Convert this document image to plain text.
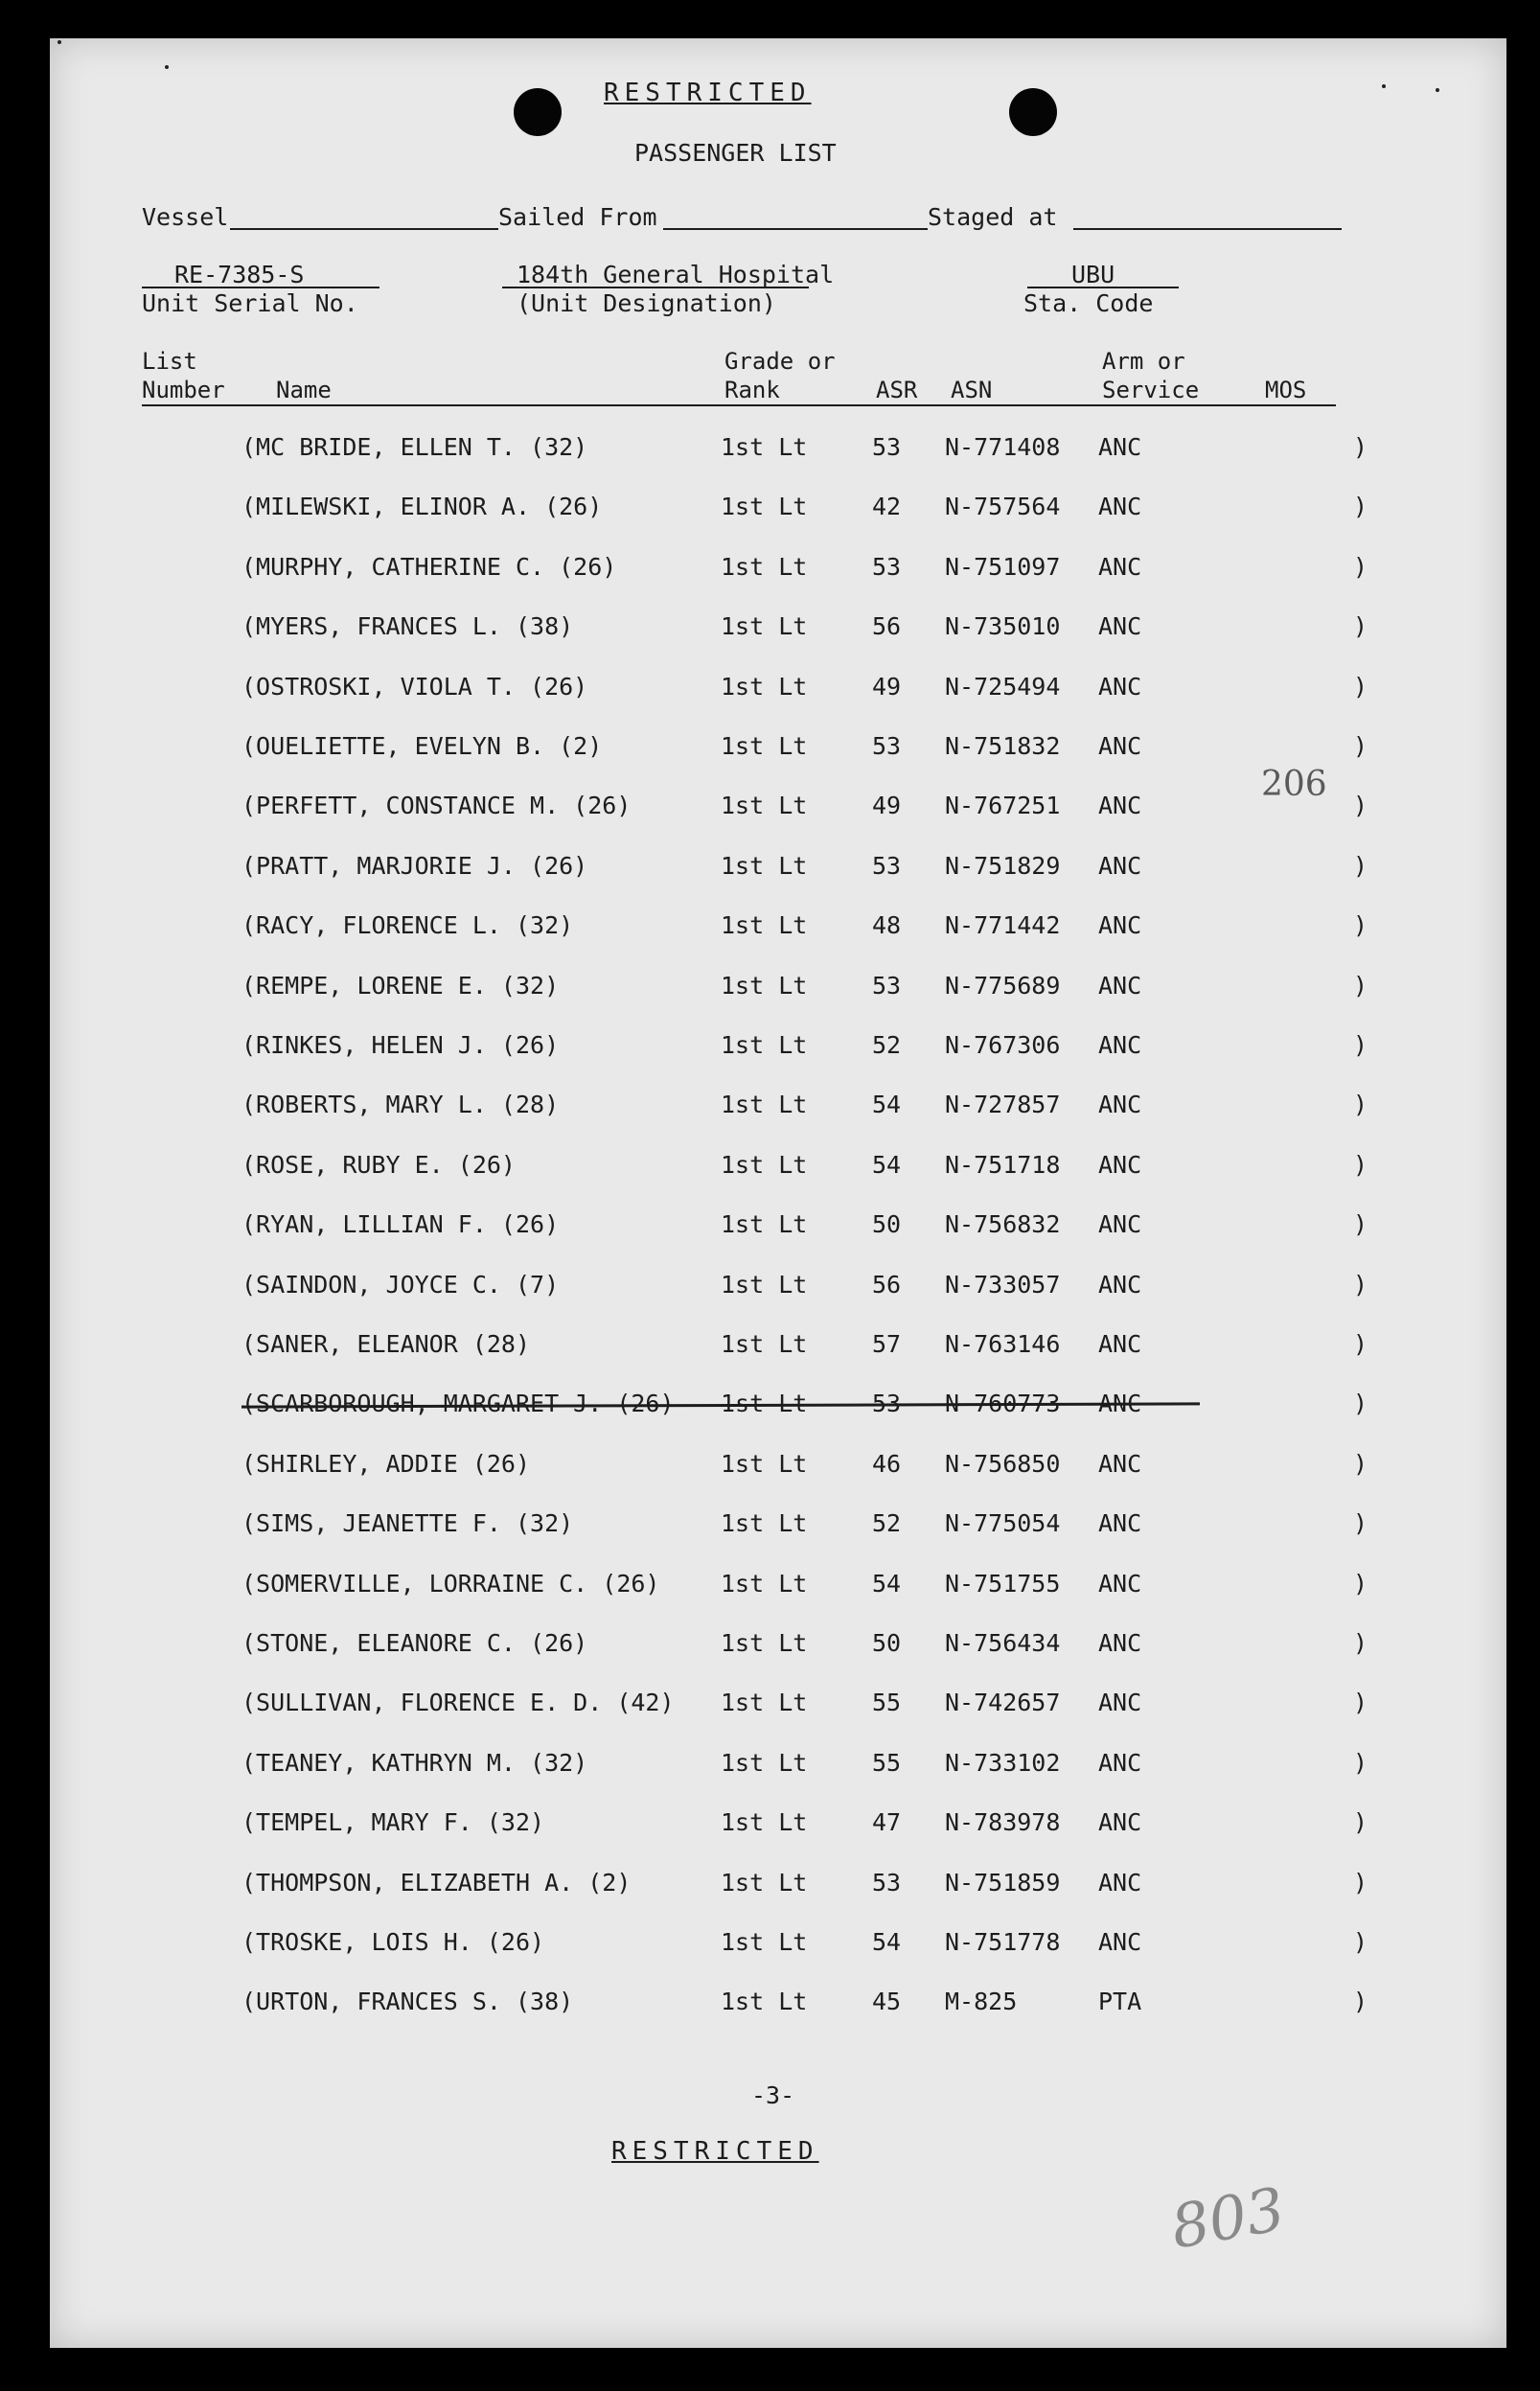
RESTRICTED
PASSENGER LIST
Vessel	Sailed From	Staged at
RE-7385-S
Unit Serial No.
184th General Hospital
(Unit Designation)
UBU
Sta. Code
List
Number Name
Grade or
Rank	ASR ASN
Arm or
Service	MOS
(MC BRIDE, ELLEN T. (32)	1st Lt	53 N-771408 ANC	)
(MILEWSKI, ELINOR A. (26)	1st Lt	42 N-757564 ANC	)
(MURPHY, CATHERINE C. (26)	1st Lt	53 N-751097 ANC	)
(MYERS, FRANCES L. (38)	1st Lt	56 N-735010 ANC	)
(OSTROSKI, VIOLA T. (26)	1st Lt	49 N-725494 ANC	)
(OUELIETTE, EVELYN B. (2)	1st Lt	53 N-751832 ANC	)
(PERFETT, CONSTANCE M. (26)	1st Lt	49 N-767251 ANC	)
(PRATT, MARJORIE J. (26)	1st Lt	53 N-751829 ANC	)
(RACY, FLORENCE L. (32)	1st Lt	48 N-771442 ANC	)
(REMPE, LORENE E. (32)	1st Lt	53 N-775689 ANC	)
(RINKES, HELEN J. (26)	1st Lt	52 N-767306 ANC	)
(ROBERTS, MARY L. (28)	1st Lt	54 N-727857 ANC	)
(ROSE, RUBY E. (26)	1st Lt	54 N-751718 ANC	)
(RYAN, LILLIAN F. (26)	1st Lt	50 N-756832 ANC	)
(SAINDON, JOYCE C. (7)	1st Lt	56 N-733057 ANC	)
(SANER, ELEANOR (28)	1st Lt	57 N-763146 ANC	)
(SCARBOROUGH, MARGARET J. (26) 1st Lt	53 N-760773 ANC	)
(SHIRLEY, ADDIE (26)	1st Lt	46 N-756850 ANC	)
(SIMS, JEANETTE F. (32)	1st Lt	52 N-775054 ANC	)
(SOMERVILLE, LORRAINE C. (26)	1st Lt	54 N-751755 ANC	)
(STONE, ELEANORE C. (26)	1st Lt	50 N-756434 ANC	)
(SULLIVAN, FLORENCE E. D. (42) 1st Lt	55 N-742657 ANC	)
(TEANEY, KATHRYN M. (32)	1st Lt	55 N-733102 ANC	)
(TEMPEL, MARY F. (32)	1st Lt	47 N-783978 ANC	)
(THOMPSON, ELIZABETH A. (2)	1st Lt	53 N-751859 ANC	)
(TROSKE, LOIS H. (26)	1st Lt	54 N-751778 ANC	)
(URTON, FRANCES S. (38)	1st Lt	45 M-825	PTA	)
206
-3-
RESTRICTED
803
